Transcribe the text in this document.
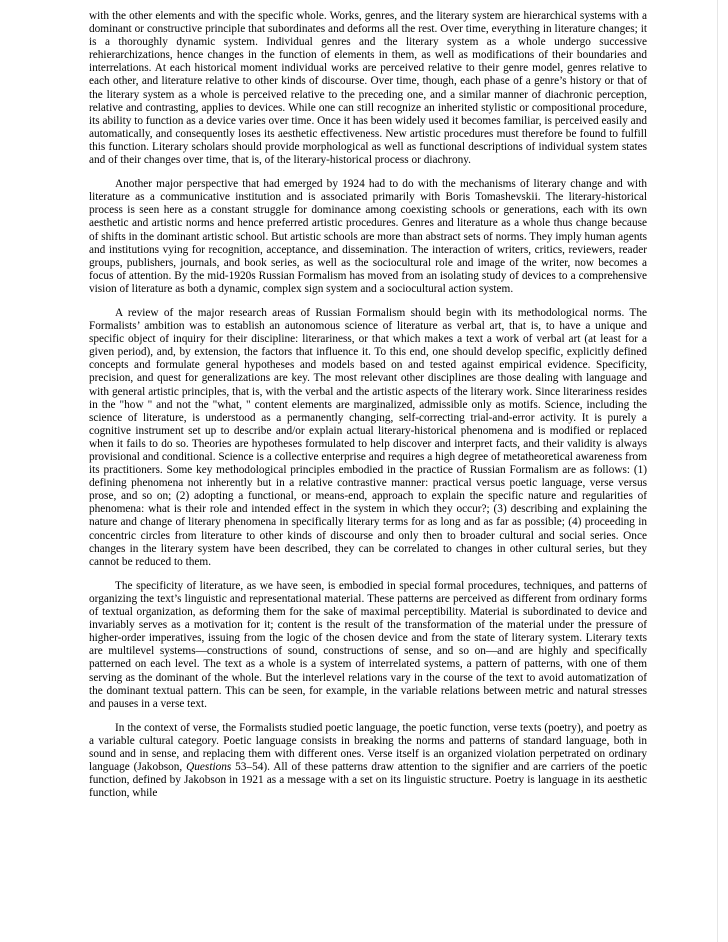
with the other elements and with the specific whole. Works, genres, and the literary system are hierarchical systems with a dominant or constructive principle that subordinates and deforms all the rest. Over time, everything in literature changes; it is a thoroughly dynamic system. Individual genres and the literary system as a whole undergo successive rehierarchizations, hence changes in the function of elements in them, as well as modifications of their boundaries and interrelations. At each historical moment individual works are perceived relative to their genre model, genres relative to each other, and literature relative to other kinds of discourse. Over time, though, each phase of a genre’s history or that of the literary system as a whole is perceived relative to the preceding one, and a similar manner of diachronic perception, relative and contrasting, applies to devices. While one can still recognize an inherited stylistic or compositional procedure, its ability to function as a device varies over time. Once it has been widely used it becomes familiar, is perceived easily and automatically, and consequently loses its aesthetic effectiveness. New artistic procedures must therefore be found to fulfill this function. Literary scholars should provide morphological as well as functional descriptions of individual system states and of their changes over time, that is, of the literary-historical process or diachrony.

Another major perspective that had emerged by 1924 had to do with the mechanisms of literary change and with literature as a communicative institution and is associated primarily with Boris Tomashevskii. The literary-historical process is seen here as a constant struggle for dominance among coexisting schools or generations, each with its own aesthetic and artistic norms and hence preferred artistic procedures. Genres and literature as a whole thus change because of shifts in the dominant artistic school. But artistic schools are more than abstract sets of norms. They imply human agents and institutions vying for recognition, acceptance, and dissemination. The interaction of writers, critics, reviewers, reader groups, publishers, journals, and book series, as well as the sociocultural role and image of the writer, now becomes a focus of attention. By the mid-1920s Russian Formalism has moved from an isolating study of devices to a comprehensive vision of literature as both a dynamic, complex sign system and a sociocultural action system.

A review of the major research areas of Russian Formalism should begin with its methodological norms. The Formalists’ ambition was to establish an autonomous science of literature as verbal art, that is, to have a unique and specific object of inquiry for their discipline: literariness, or that which makes a text a work of verbal art (at least for a given period), and, by extension, the factors that influence it. To this end, one should develop specific, explicitly defined concepts and formulate general hypotheses and models based on and tested against empirical evidence. Specificity, precision, and quest for generalizations are key. The most relevant other disciplines are those dealing with language and with general artistic principles, that is, with the verbal and the artistic aspects of the literary work. Since literariness resides in the "how " and not the "what, " content elements are marginalized, admissible only as motifs. Science, including the science of literature, is understood as a permanently changing, self-correcting trial-and-error activity. It is purely a cognitive instrument set up to describe and/or explain actual literary-historical phenomena and is modified or replaced when it fails to do so. Theories are hypotheses formulated to help discover and interpret facts, and their validity is always provisional and conditional. Science is a collective enterprise and requires a high degree of metatheoretical awareness from its practitioners. Some key methodological principles embodied in the practice of Russian Formalism are as follows: (1) defining phenomena not inherently but in a relative contrastive manner: practical versus poetic language, verse versus prose, and so on; (2) adopting a functional, or means-end, approach to explain the specific nature and regularities of phenomena: what is their role and intended effect in the system in which they occur?; (3) describing and explaining the nature and change of literary phenomena in specifically literary terms for as long and as far as possible; (4) proceeding in concentric circles from literature to other kinds of discourse and only then to broader cultural and social series. Once changes in the literary system have been described, they can be correlated to changes in other cultural series, but they cannot be reduced to them.

The specificity of literature, as we have seen, is embodied in special formal procedures, techniques, and patterns of organizing the text’s linguistic and representational material. These patterns are perceived as different from ordinary forms of textual organization, as deforming them for the sake of maximal perceptibility. Material is subordinated to device and invariably serves as a motivation for it; content is the result of the transformation of the material under the pressure of higher-order imperatives, issuing from the logic of the chosen device and from the state of literary system. Literary texts are multilevel systems—constructions of sound, constructions of sense, and so on—and are highly and specifically patterned on each level. The text as a whole is a system of interrelated systems, a pattern of patterns, with one of them serving as the dominant of the whole. But the interlevel relations vary in the course of the text to avoid automatization of the dominant textual pattern. This can be seen, for example, in the variable relations between metric and natural stresses and pauses in a verse text.

In the context of verse, the Formalists studied poetic language, the poetic function, verse texts (poetry), and poetry as a variable cultural category. Poetic language consists in breaking the norms and patterns of standard language, both in sound and in sense, and replacing them with different ones. Verse itself is an organized violation perpetrated on ordinary language (Jakobson, Questions 53–54). All of these patterns draw attention to the signifier and are carriers of the poetic function, defined by Jakobson in 1921 as a message with a set on its linguistic structure. Poetry is language in its aesthetic function, while
